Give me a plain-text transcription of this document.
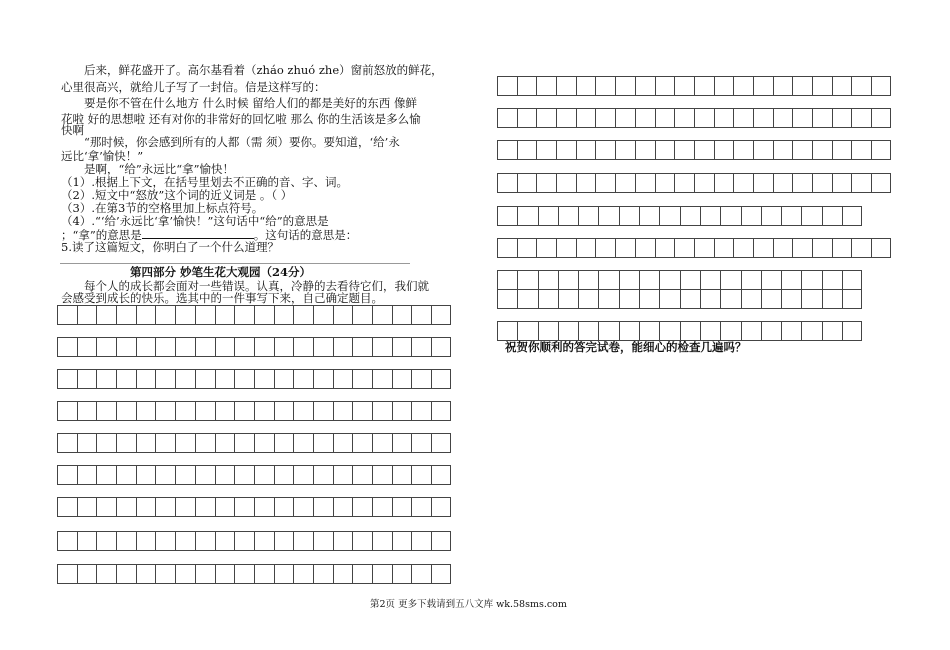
后来，鲜花盛开了。高尔基看着（zháo zhuó zhe）窗前怒放的鲜花，
心里很高兴，就给儿子写了一封信。信是这样写的：
要是你不管在什么地方 什么时候 留给人们的都是美好的东西 像鲜
花啦 好的思想啦 还有对你的非常好的回忆啦 那么 你的生活该是多么愉
快啊
“那时候，你会感到所有的人都（需 须）要你。要知道，‘给’永
远比‘拿’愉快！”
是啊，“给”永远比“拿”愉快！
（1）.根据上下文，在括号里划去不正确的音、字、词。
（2）.短文中“怒放”这个词的近义词是 。（ ）
（3）.在第3节的空格里加上标点符号。
（4）.“‘给’永远比‘拿’愉快！”这句话中“给”的意思是
；“拿”的意思是	。这句话的意思是：
5.读了这篇短文，你明白了一个什么道理？
第四部分 妙笔生花大观园（24分）
每个人的成长都会面对一些错误。认真，冷静的去看待它们，我们就
会感受到成长的快乐。选其中的一件事写下来，自己确定题目。
祝贺你顺利的答完试卷，能细心的检查几遍吗？
第2页 更多下载请到五八文库 wk.58sms.com
